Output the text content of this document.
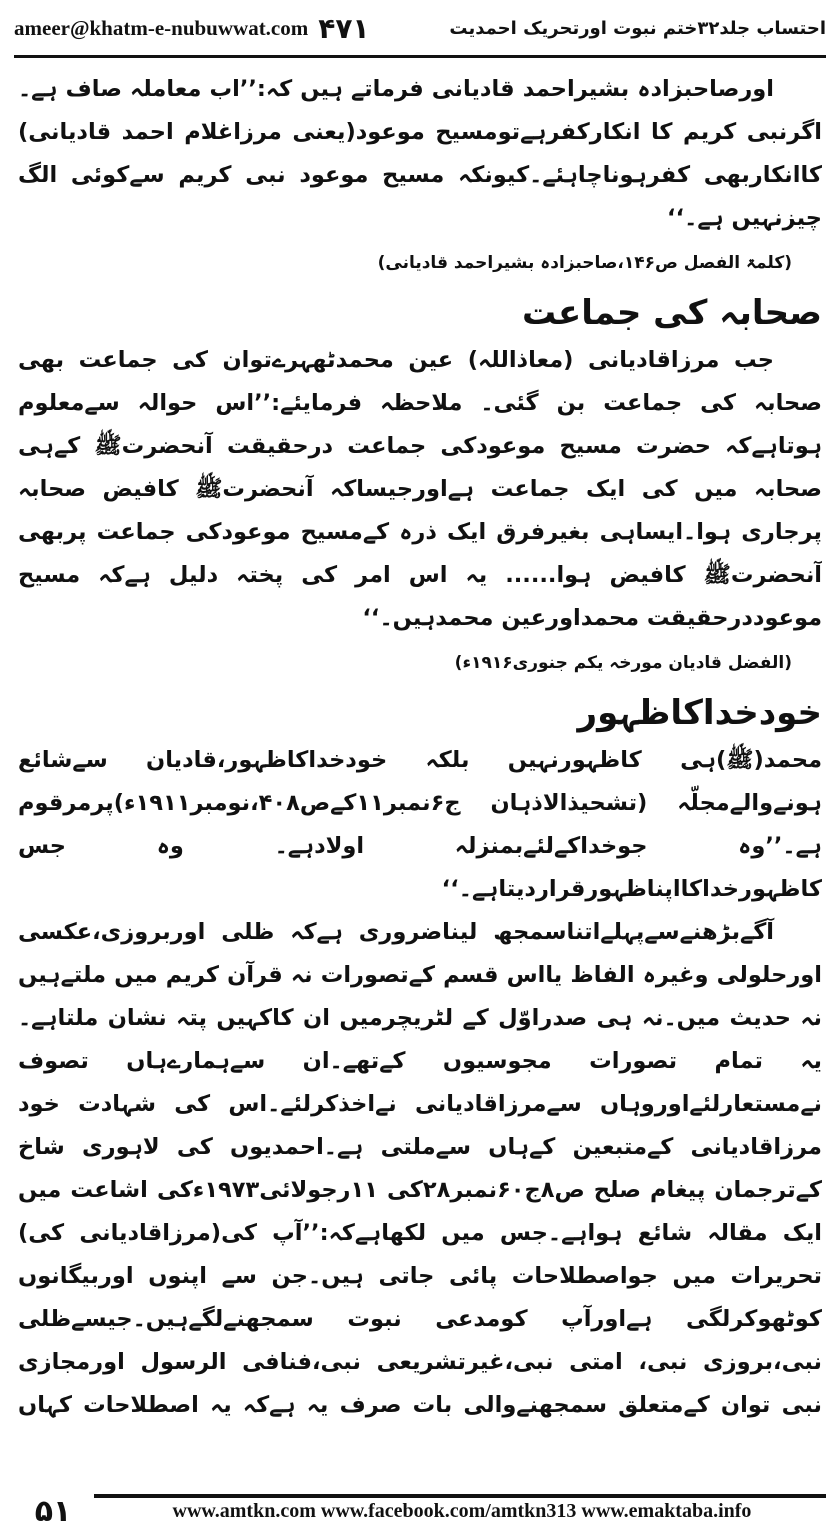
ameer@khatm-e-nubuwwat.com ۴۷۱	احتساب جلد۳۲ختم نبوت اورتحریک احمدیت

اورصاحبزادہ بشیراحمد قادیانی فرماتے ہیں کہ:’’اب معاملہ صاف ہے۔اگرنبی کریم کا انکارکفرہےتومسیح موعود(یعنی مرزاغلام احمد قادیانی) کاانکاربھی کفرہوناچاہئے۔کیونکہ مسیح موعود نبی کریم سےکوئی الگ چیزنہیں ہے۔‘‘

(کلمۃ الفصل ص۱۴۶،صاحبزادہ بشیراحمد قادیانی)

صحابہ کی جماعت

جب مرزاقادیانی (معاذاللہ) عین محمدٹھہرےتوان کی جماعت بھی صحابہ کی جماعت بن گئی۔ ملاحظہ فرمایئے:’’اس حوالہ سےمعلوم ہوتاہےکہ حضرت مسیح موعودکی جماعت درحقیقت آنحضرتﷺ کےہی صحابہ میں کی ایک جماعت ہےاورجیساکہ آنحضرتﷺ کافیض صحابہ پرجاری ہوا۔ایساہی بغیرفرق ایک ذرہ کےمسیح موعودکی جماعت پربھی آنحضرتﷺ کافیض ہوا...... یہ اس امر کی پختہ دلیل ہےکہ مسیح موعوددرحقیقت محمداورعین محمدہیں۔‘‘

(الفضل قادیان مورخہ یکم جنوری۱۹۱۶ء)

خودخداکاظہور

محمد(ﷺ)ہی کاظہورنہیں بلکہ خودخداکاظہور،قادیان سےشائع ہونےوالےمجلّہ (تشحیذالاذہان ج۶نمبر۱۱کےص۴۰۸،نومبر۱۹۱۱ء)پرمرقوم ہے۔’’وہ جوخداکےلئےبمنزلہ اولادہے۔ وہ جس کاظہورخداکااپناظہورقراردیتاہے۔‘‘

آگےبڑھنےسےپہلےاتناسمجھ لیناضروری ہےکہ ظلی اوربروزی،عکسی اورحلولی وغیرہ الفاظ یااس قسم کےتصورات نہ قرآن کریم میں ملتےہیں نہ حدیث میں۔نہ ہی صدراوّل کے لٹریچرمیں ان کاکہیں پتہ نشان ملتاہے۔یہ تمام تصورات مجوسیوں کےتھے۔ان سےہمارےہاں تصوف نےمستعارلئےاوروہاں سےمرزاقادیانی نےاخذکرلئے۔اس کی شہادت خود مرزاقادیانی کےمتبعین کےہاں سےملتی ہے۔احمدیوں کی لاہوری شاخ کےترجمان پیغام صلح ص۸ج۶۰نمبر۲۸کی ۱۱رجولائی۱۹۷۳ءکی اشاعت میں ایک مقالہ شائع ہواہے۔جس میں لکھاہےکہ:’’آپ کی(مرزاقادیانی کی) تحریرات میں جواصطلاحات پائی جاتی ہیں۔جن سے اپنوں اوربیگانوں کوٹھوکرلگی ہےاورآپ کومدعی نبوت سمجھنےلگےہیں۔جیسےظلی نبی،بروزی نبی، امتی نبی،غیرتشریعی نبی،فنافی الرسول اورمجازی نبی توان کےمتعلق سمجھنےوالی بات صرف یہ ہےکہ یہ اصطلاحات کہاں

۵۱	www.amtkn.com www.facebook.com/amtkn313 www.emaktaba.info
